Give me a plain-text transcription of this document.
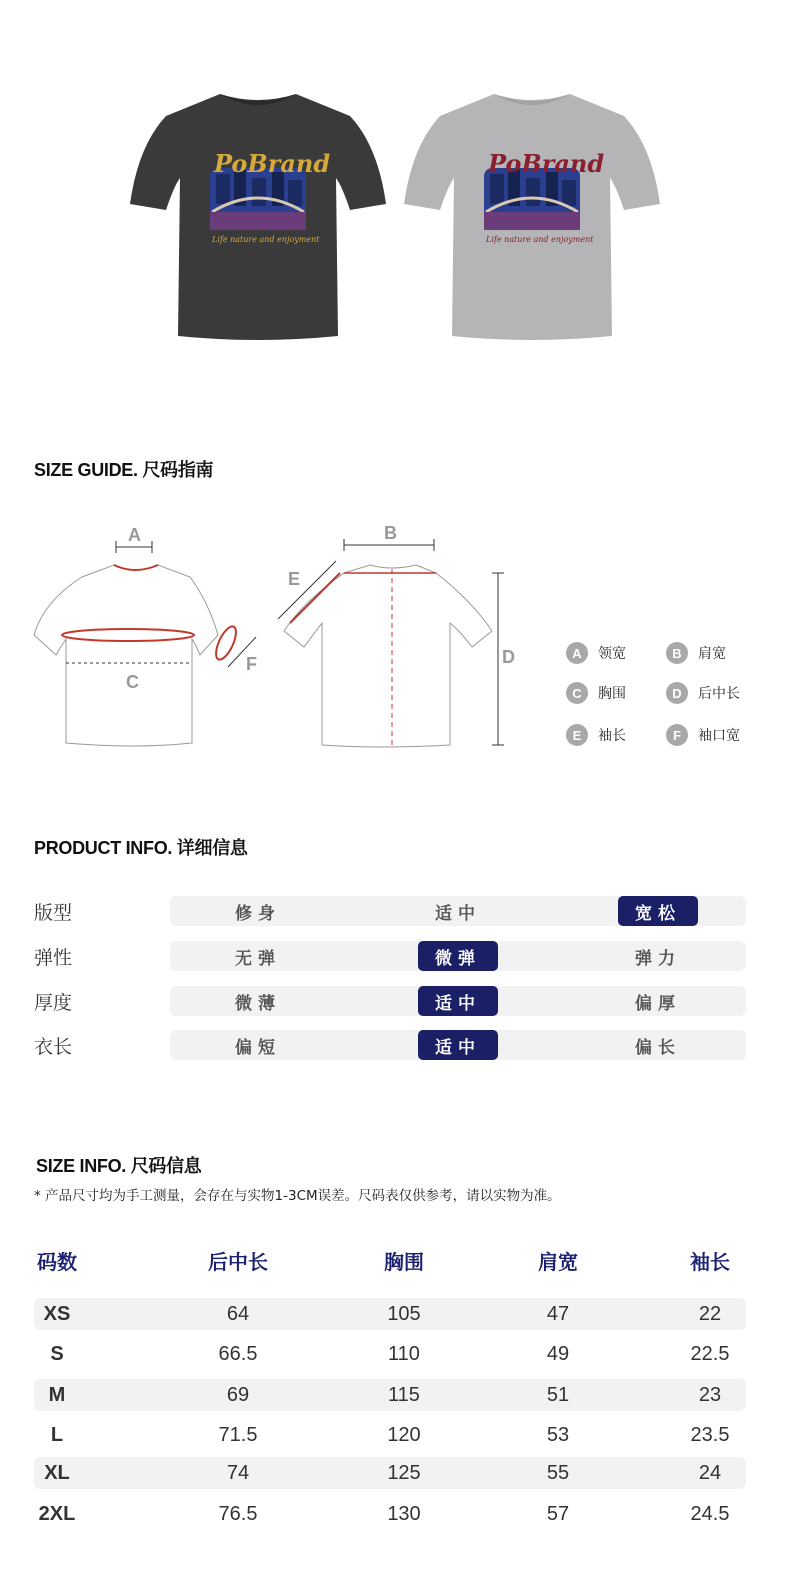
PoBrand
Life nature and enjoyment
PoBrand
Life nature and enjoyment
SIZE GUIDE. 尺码指南
A
C
F
B
E
D	A	领宽	B	肩宽
C	胸围	D	后中长
E	袖长	F	袖口宽
PRODUCT INFO. 详细信息
版型	修身	适中	宽松
弹性	无弹	微弹	弹力
厚度	微薄	适中	偏厚
衣长	偏短	适中	偏长
SIZE INFO. 尺码信息
* 产品尺寸均为手工测量，会存在与实物1-3CM误差。尺码表仅供参考，请以实物为准。
码数	后中长	胸围	肩宽	袖长
XS	64	105	47	22
S	66.5	110	49	22.5
M	69	115	51	23
L	71.5	120	53	23.5
XL	74	125	55	24
2XL	76.5	130	57	24.5
